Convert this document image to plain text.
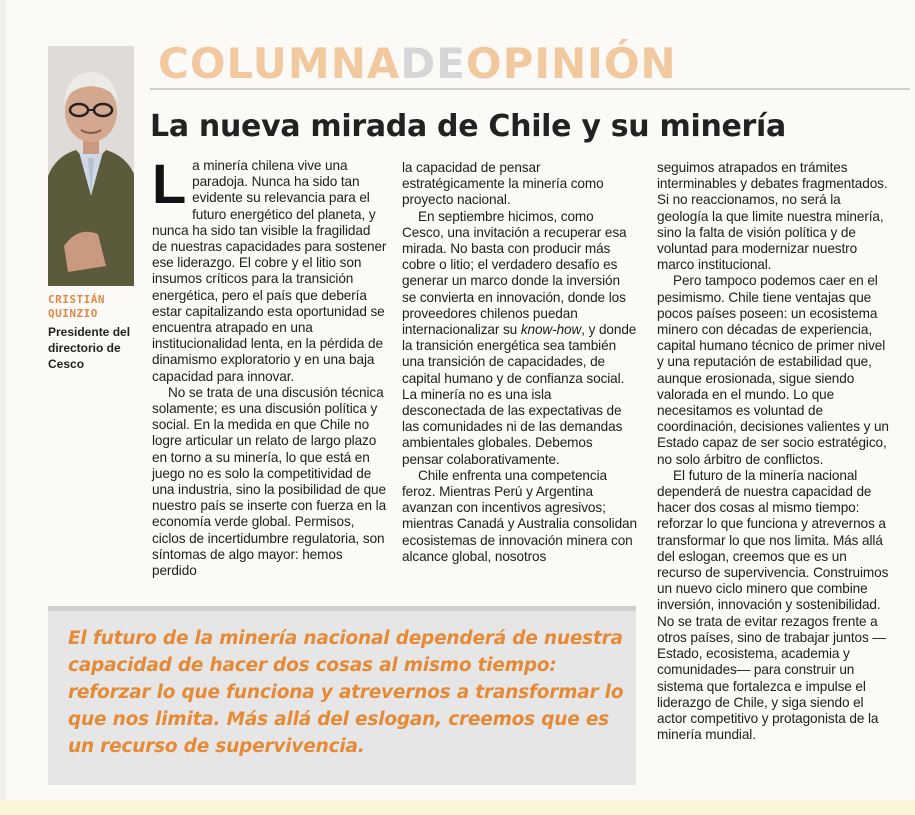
COLUMNADEOPINIÓN
La nueva mirada de Chile y su minería
CRISTIÁN
QUINZIO
Presidente del directorio de Cesco

La minería chilena vive una paradoja. Nunca ha sido tan evidente su relevancia para el futuro energético del planeta, y nunca ha sido tan visible la fragilidad de nuestras capacidades para sostener ese liderazgo. El cobre y el litio son insumos críticos para la transición energética, pero el país que debería estar capitalizando esta oportunidad se encuentra atrapado en una institucionalidad lenta, en la pérdida de dinamismo exploratorio y en una baja capacidad para innovar.

No se trata de una discusión técnica solamente; es una discusión política y social. En la medida en que Chile no logre articular un relato de largo plazo en torno a su minería, lo que está en juego no es solo la competitividad de una industria, sino la posibilidad de que nuestro país se inserte con fuerza en la economía verde global. Permisos, ciclos de incertidumbre regulatoria, son síntomas de algo mayor: hemos perdido

la capacidad de pensar estratégicamente la minería como proyecto nacional.

En septiembre hicimos, como Cesco, una invitación a recuperar esa mirada. No basta con producir más cobre o litio; el verdadero desafío es generar un marco donde la inversión se convierta en innovación, donde los proveedores chilenos puedan internacionalizar su know-how, y donde la transición energética sea también una transición de capacidades, de capital humano y de confianza social. La minería no es una isla desconectada de las expectativas de las comunidades ni de las demandas ambientales globales. Debemos pensar colaborativamente.

Chile enfrenta una competencia feroz. Mientras Perú y Argentina avanzan con incentivos agresivos; mientras Canadá y Australia consolidan ecosistemas de innovación minera con alcance global, nosotros

seguimos atrapados en trámites interminables y debates fragmentados. Si no reaccionamos, no será la geología la que limite nuestra minería, sino la falta de visión política y de voluntad para modernizar nuestro marco institucional.

Pero tampoco podemos caer en el pesimismo. Chile tiene ventajas que pocos países poseen: un ecosistema minero con décadas de experiencia, capital humano técnico de primer nivel y una reputación de estabilidad que, aunque erosionada, sigue siendo valorada en el mundo. Lo que necesitamos es voluntad de coordinación, decisiones valientes y un Estado capaz de ser socio estratégico, no solo árbitro de conflictos.

El futuro de la minería nacional dependerá de nuestra capacidad de hacer dos cosas al mismo tiempo: reforzar lo que funciona y atrevernos a transformar lo que nos limita. Más allá del eslogan, creemos que es un recurso de supervivencia. Construimos un nuevo ciclo minero que combine inversión, innovación y sostenibilidad. No se trata de evitar rezagos frente a otros países, sino de trabajar juntos —Estado, ecosistema, academia y comunidades— para construir un sistema que fortalezca e impulse el liderazgo de Chile, y siga siendo el actor competitivo y protagonista de la minería mundial.

El futuro de la minería nacional dependerá de nuestra capacidad de hacer dos cosas al mismo tiempo: reforzar lo que funciona y atrevernos a transformar lo que nos limita. Más allá del eslogan, creemos que es un recurso de supervivencia.
